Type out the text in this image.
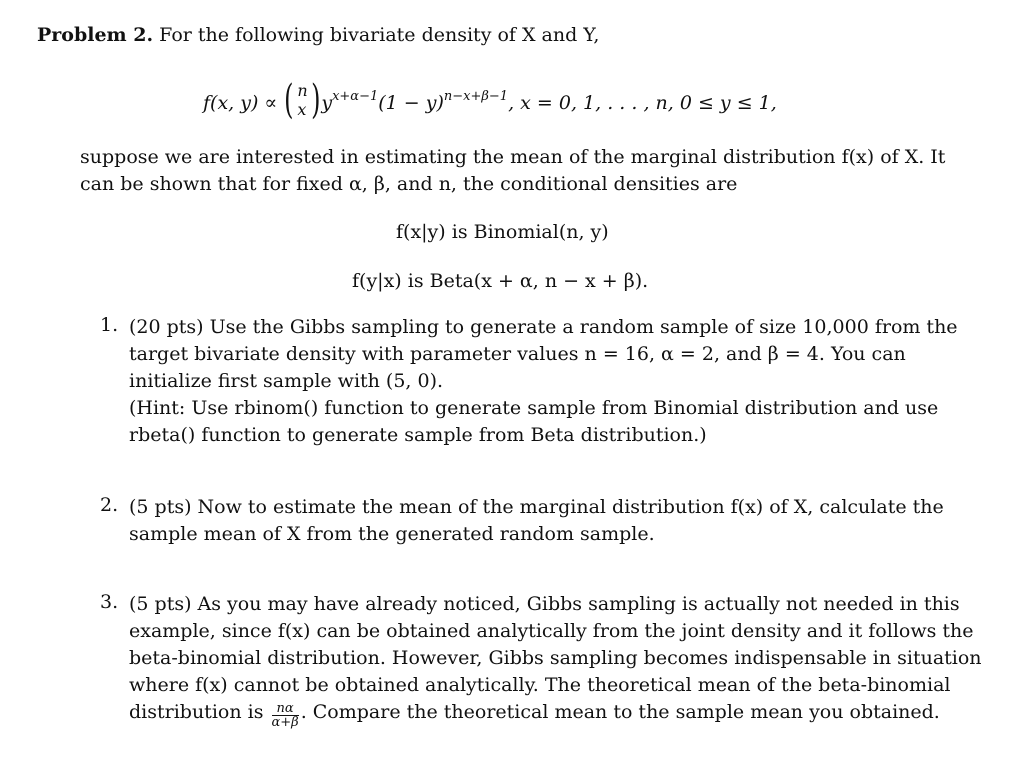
Problem 2. For the following bivariate density of X and Y,
f(x, y) ∝ ( n
x ) $y^{x+\alpha-1}(1 - y)^{n-x+\beta-1}$, x = 0, 1, . . . , n, 0 ≤ y ≤ 1,
suppose we are interested in estimating the mean of the marginal distribution f(x) of X. It
can be shown that for fixed α, β, and n, the conditional densities are
f(x|y) is Binomial(n, y)
f(y|x) is Beta(x + α, n − x + β).
1. (20 pts) Use the Gibbs sampling to generate a random sample of size 10,000 from the
target bivariate density with parameter values n = 16, α = 2, and β = 4. You can
initialize first sample with (5, 0).
(Hint: Use rbinom() function to generate sample from Binomial distribution and use
rbeta() function to generate sample from Beta distribution.)
2. (5 pts) Now to estimate the mean of the marginal distribution f(x) of X, calculate the
sample mean of X from the generated random sample.
3. (5 pts) As you may have already noticed, Gibbs sampling is actually not needed in this
example, since f(x) can be obtained analytically from the joint density and it follows the
beta-binomial distribution. However, Gibbs sampling becomes indispensable in situation
where f(x) cannot be obtained analytically. The theoretical mean of the beta-binomial
distribution is $\frac{n\alpha}{\alpha+\beta}$ . Compare the theoretical mean to the sample mean you obtained.
